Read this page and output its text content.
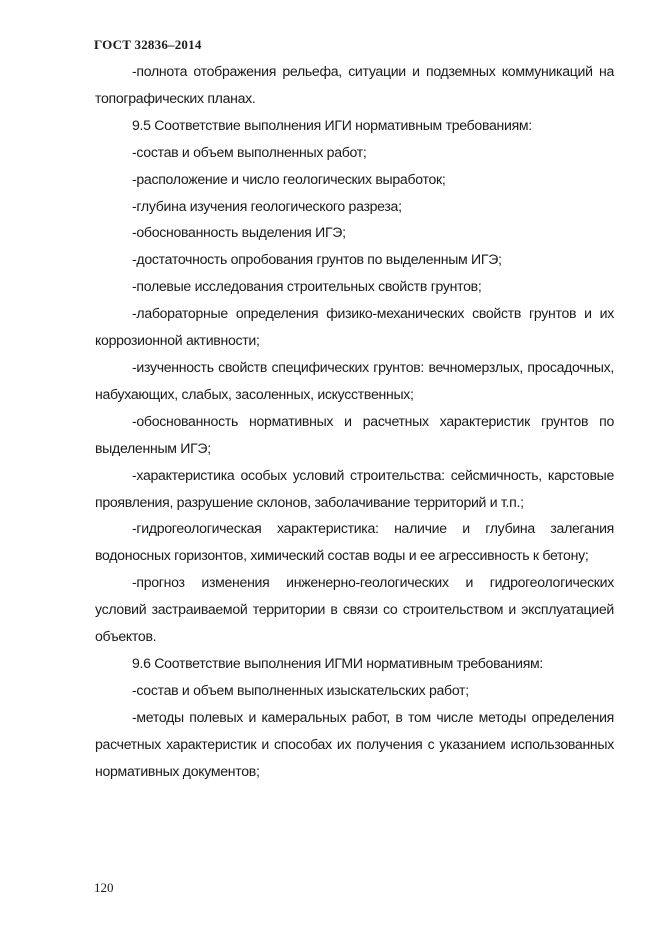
ГОСТ 32836–2014

-полнота отображения рельефа, ситуации и подземных коммуникаций на топографических планах.

9.5 Соответствие выполнения ИГИ нормативным требованиям:

-состав и объем выполненных работ;

-расположение и число геологических выработок;

-глубина изучения геологического разреза;

-обоснованность выделения ИГЭ;

-достаточность опробования грунтов по выделенным ИГЭ;

-полевые исследования строительных свойств грунтов;

-лабораторные определения физико-механических свойств грунтов и их коррозионной активности;

-изученность свойств специфических грунтов: вечномерзлых, просадочных, набухающих, слабых, засоленных, искусственных;

-обоснованность нормативных и расчетных характеристик грунтов по выделенным ИГЭ;

-характеристика особых условий строительства: сейсмичность, карстовые проявления, разрушение склонов, заболачивание территорий и т.п.;

-гидрогеологическая характеристика: наличие и глубина залегания водоносных горизонтов, химический состав воды и ее агрессивность к бетону;

-прогноз изменения инженерно-геологических и гидрогеологических условий застраиваемой территории в связи со строительством и эксплуатацией объектов.

9.6 Соответствие выполнения ИГМИ нормативным требованиям:

-состав и объем выполненных изыскательских работ;

-методы полевых и камеральных работ, в том числе методы определения расчетных характеристик и способах их получения с указанием использованных нормативных документов;

120
